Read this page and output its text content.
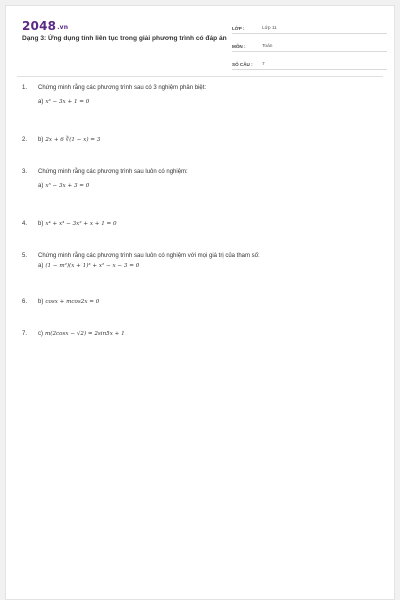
2048.vn
Dạng 3: Ứng dụng tính liên tục trong giải phương trình có đáp án
LỚP :	Lớp 11
MÔN :	Toán
SỐ CÂU : 7
1. Chứng minh rằng các phương trình sau có 3 nghiệm phân biệt:
a) x³ − 3x + 1 = 0
2. b) 2x + 6 ∛(1 − x) = 3
3. Chứng minh rằng các phương trình sau luôn có nghiệm:
a) x⁵ − 3x + 3 = 0
4. b) x⁴ + x³ − 3x² + x + 1 = 0
5. Chứng minh rằng các phương trình sau luôn có nghiệm với mọi giá trị của tham số:
a) (1 − m²)(x + 1)³ + x² − x − 3 = 0
6. b) cosx + mcos2x = 0
7. c) m(2cosx − √2) = 2sin5x + 1
